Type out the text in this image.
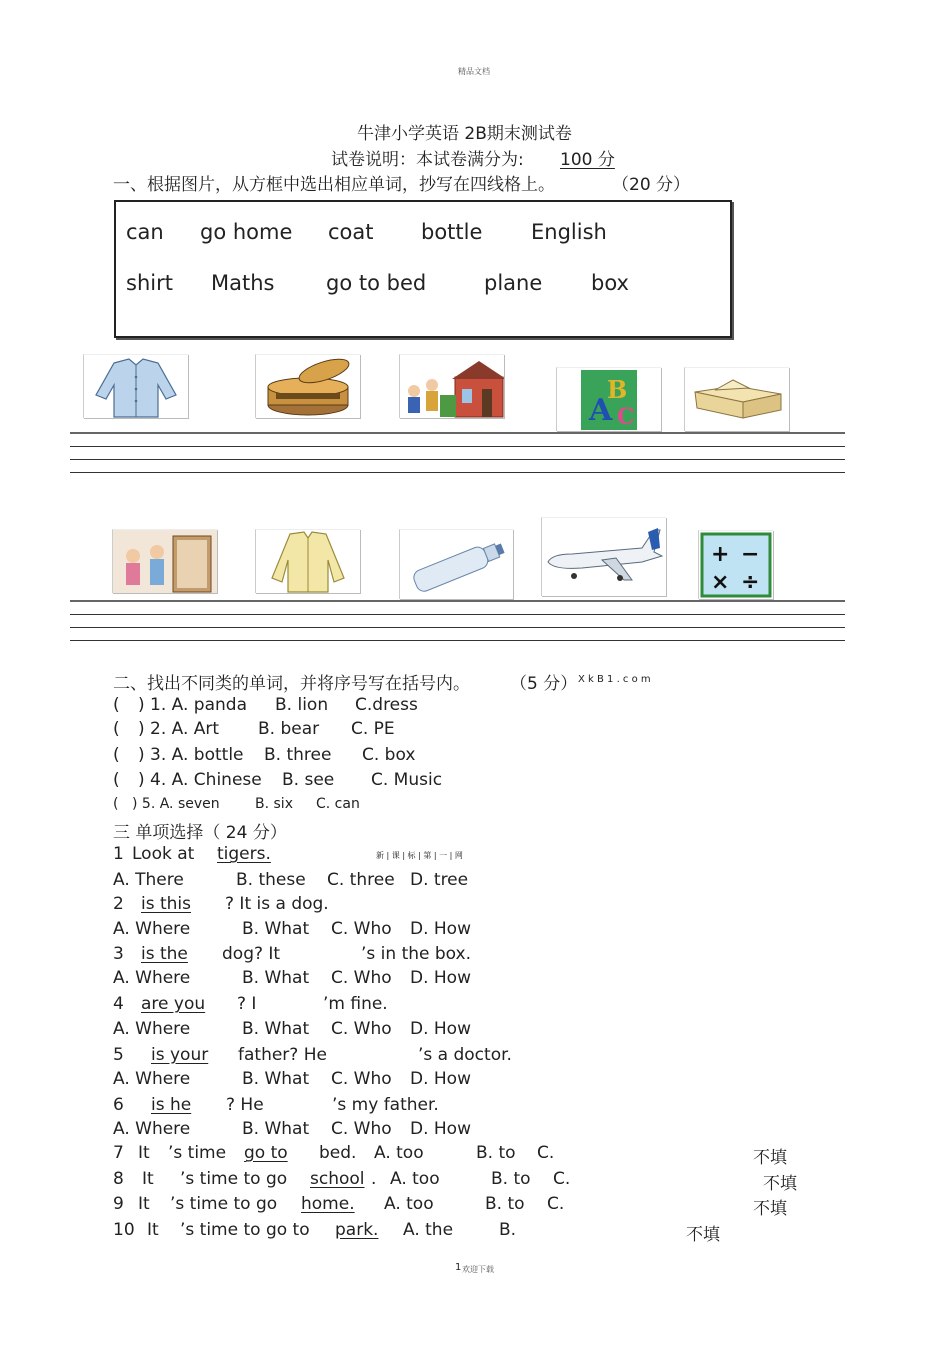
精品文档
牛津小学英语 2B期末测试卷
试卷说明：本试卷满分为: 100 分
一、根据图片，从方框中选出相应单词，抄写在四线格上。	（20 分）
can go home coat bottle English
shirt Maths go to bed	plane box
A
B
C
+ −
× ÷
二、找出不同类的单词，并将序号写在括号内。 （5 分） X k B 1 . c o m
( ) 1. A. panda B. lion C.dress
( ) 2. A. Art B. bear C. PE
( ) 3. A. bottle B. three C. box
( ) 4. A. Chinese B. see C. Music
( ) 5. A. seven	B. six C. can
三 单项选择（ 24 分）
1 Look at tigers.	新 | 课 | 标 | 第 | 一 | 网
A. There	B. these C. three D. tree
2 is this ? It is a dog.
A. Where	B. What C. Who D. How
3 is the dog? It	’s in the box.
A. Where	B. What C. Who D. How
4 are you ? I	’m fine.
A. Where	B. What C. Who D. How
5 is your father? He	’s a doctor.
A. Where	B. What C. Who D. How
6 is he ? He	’s my father.
A. Where	B. What C. Who D. How
7 It ’s time go to bed. A. too	B. to C.	不填
8 It ’s time to go school . A. too	B. to C.	不填
9 It ’s time to go home. A. too	B. to C.	不填
10 It ’s time to go to park. A. the	B.	不填
1 欢迎下载
